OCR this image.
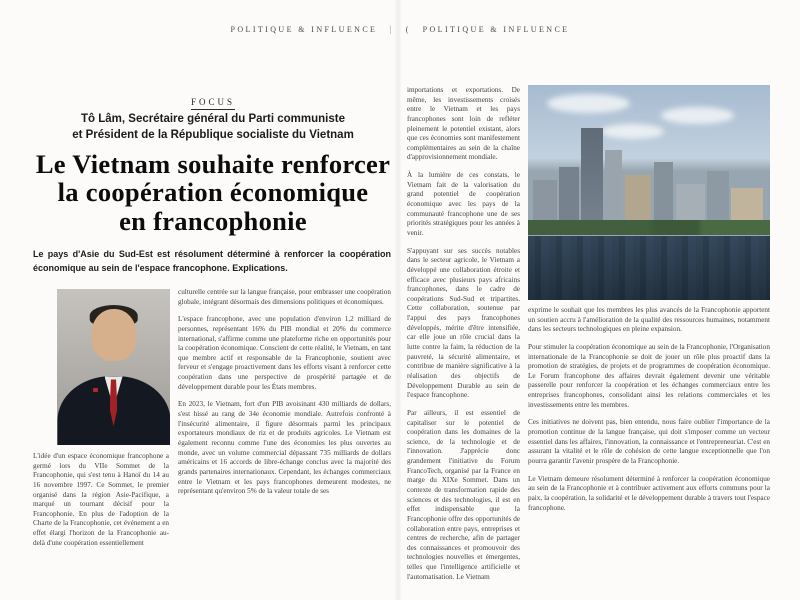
POLITIQUE & INFLUENCE | ( POLITIQUE & INFLUENCE
FOCUS
Tô Lâm, Secrétaire général du Parti communiste
et Président de la République socialiste du Vietnam
Le Vietnam souhaite renforcer
la coopération économique
en francophonie

Le pays d'Asie du Sud-Est est résolument déterminé à renforcer la coopération économique au sein de l'espace francophone. Explications.

L'idée d'un espace économique francophone a germé lors du VIIe Sommet de la Francophonie, qui s'est tenu à Hanoï du 14 au 16 novembre 1997. Ce Sommet, le premier organisé dans la région Asie-Pacifique, a marqué un tournant décisif pour la Francophonie. En plus de l'adoption de la Charte de la Francophonie, cet événement a en effet élargi l'horizon de la Francophonie au-delà d'une coopération essentiellement

culturelle centrée sur la langue française, pour embrasser une coopération globale, intégrant désormais des dimensions politiques et économiques.

L'espace francophone, avec une population d'environ 1,2 milliard de personnes, représentant 16% du PIB mondial et 20% du commerce international, s'affirme comme une plateforme riche en opportunités pour la coopération économique. Conscient de cette réalité, le Vietnam, en tant que membre actif et responsable de la Francophonie, soutient avec ferveur et s'engage proactivement dans les efforts visant à renforcer cette coopération dans une perspective de prospérité partagée et de développement durable pour les États membres.

En 2023, le Vietnam, fort d'un PIB avoisinant 430 milliards de dollars, s'est hissé au rang de 34e économie mondiale. Autrefois confronté à l'insécurité alimentaire, il figure désormais parmi les principaux exportateurs mondiaux de riz et de produits agricoles. Le Vietnam est également reconnu comme l'une des économies les plus ouvertes au monde, avec un volume commercial dépassant 735 milliards de dollars américains et 16 accords de libre-échange conclus avec la majorité des grands partenaires internationaux. Cependant, les échanges commerciaux entre le Vietnam et les pays francophones demeurent modestes, ne représentant qu'environ 5% de la valeur totale de ses

importations et exportations. De même, les investissements croisés entre le Vietnam et les pays francophones sont loin de refléter pleinement le potentiel existant, alors que ces économies sont manifestement complémentaires au sein de la chaîne d'approvisionnement mondiale.

À la lumière de ces constats, le Vietnam fait de la valorisation du grand potentiel de coopération économique avec les pays de la communauté francophone une de ses priorités stratégiques pour les années à venir.

S'appuyant sur ses succès notables dans le secteur agricole, le Vietnam a développé une collaboration étroite et efficace avec plusieurs pays africains francophones, dans le cadre de coopérations Sud-Sud et tripartites. Cette collaboration, soutenue par l'appui des pays francophones développés, mérite d'être intensifiée, car elle joue un rôle crucial dans la lutte contre la faim, la réduction de la pauvreté, la sécurité alimentaire, et contribue de manière significative à la réalisation des objectifs de Développement Durable au sein de l'espace francophone.

Par ailleurs, il est essentiel de capitaliser sur le potentiel de coopération dans les domaines de la science, de la technologie et de l'innovation. J'apprécie donc grandement l'initiative du Forum FrancoTech, organisé par la France en marge du XIXe Sommet. Dans un contexte de transformation rapide des sciences et des technologies, il est en effet indispensable que la Francophonie offre des opportunités de collaboration entre pays, entreprises et centres de recherche, afin de partager des connaissances et promouvoir des technologies nouvelles et émergentes, telles que l'intelligence artificielle et l'automatisation. Le Vietnam

exprime le souhait que les membres les plus avancés de la Francophonie apportent un soutien accru à l'amélioration de la qualité des ressources humaines, notamment dans les secteurs technologiques en pleine expansion.

Pour stimuler la coopération économique au sein de la Francophonie, l'Organisation internationale de la Francophonie se doit de jouer un rôle plus proactif dans la promotion de stratégies, de projets et de programmes de coopération économique. Le Forum francophone des affaires devrait également devenir une véritable passerelle pour renforcer la coopération et les échanges commerciaux entre les entreprises francophones, consolidant ainsi les relations commerciales et les investissements entre les membres.

Ces initiatives ne doivent pas, bien entendu, nous faire oublier l'importance de la promotion continue de la langue française, qui doit s'imposer comme un vecteur essentiel dans les affaires, l'innovation, la connaissance et l'entrepreneuriat. C'est en assurant la vitalité et le rôle de cohésion de cette langue exceptionnelle que l'on pourra garantir l'avenir prospère de la Francophonie.

Le Vietnam demeure résolument déterminé à renforcer la coopération économique au sein de la Francophonie et à contribuer activement aux efforts communs pour la paix, la coopération, la solidarité et le développement durable à travers tout l'espace francophone.
